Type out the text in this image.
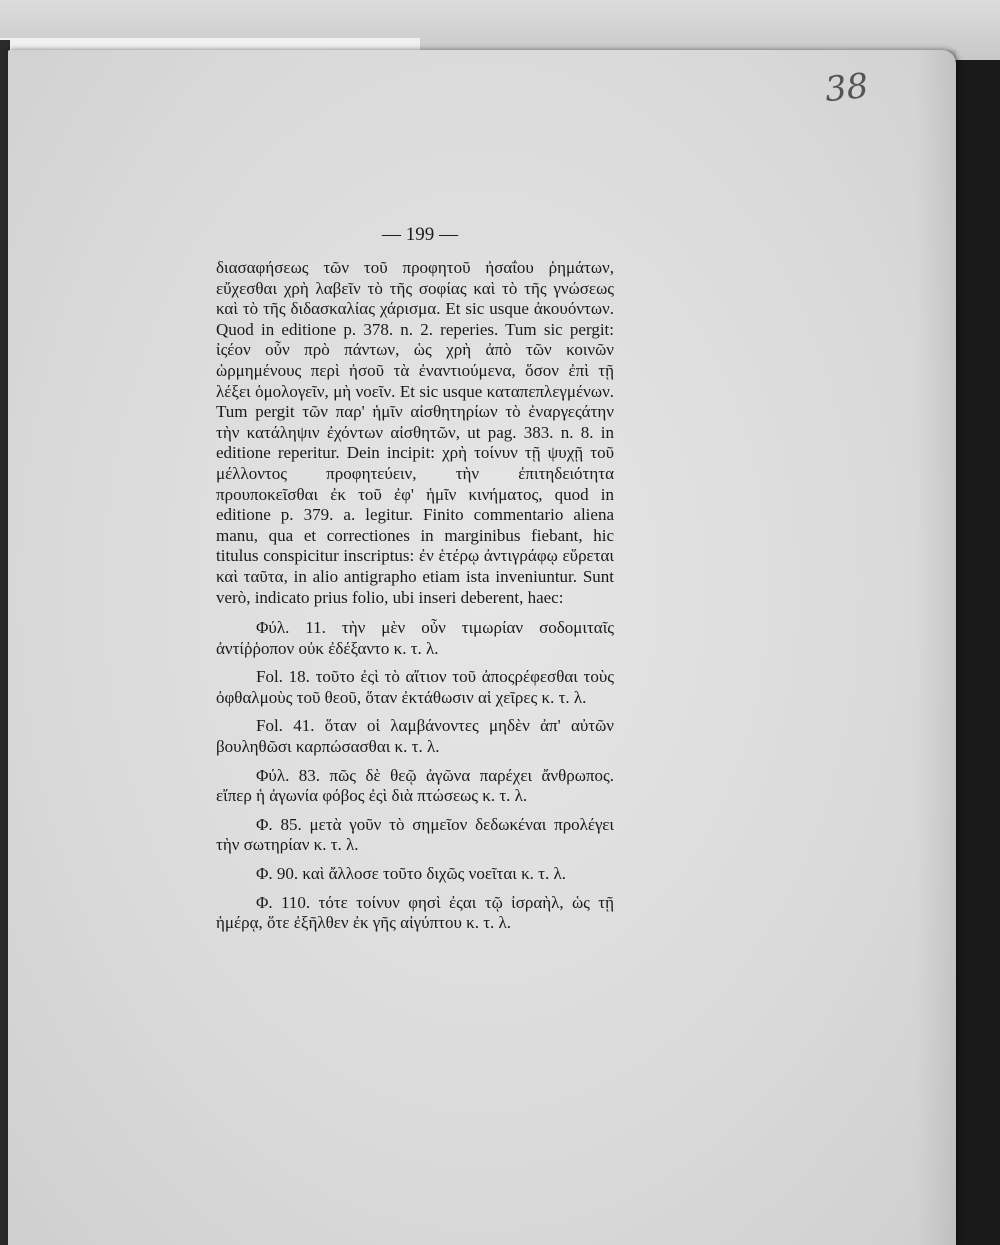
38
— 199 —

διασαφήσεως τῶν τοῦ προφητοῦ ἠσαΐου ῥημάτων, εὔχεσθαι χρὴ λαβεῖν τὸ τῆς σοφίας καὶ τὸ τῆς γνώσεως καὶ τὸ τῆς διδασκαλίας χάρισμα. Et sic usque ἀκουόντων. Quod in editione p. 378. n. 2. reperies. Tum sic pergit: ἰςέον οὖν πρὸ πάντων, ὡς χρὴ ἀπὸ τῶν κοινῶν ὡρμημένους περὶ ἠσοῦ τὰ ἐναντιούμενα, ὅσον ἐπὶ τῇ λέξει ὁμολογεῖν, μὴ νοεῖν. Et sic usque καταπεπλεγμένων. Tum pergit τῶν παρ' ἡμῖν αἰσθητηρίων τὸ ἐναργεςάτην τὴν κατάληψιν ἐχόντων αἰσθητῶν, ut pag. 383. n. 8. in editione reperitur. Dein incipit: χρὴ τοίνυν τῇ ψυχῇ τοῦ μέλλοντος προφητεύειν, τὴν ἐπιτηδειότητα προυποκεῖσθαι ἐκ τοῦ ἐφ' ἡμῖν κινήματος, quod in editione p. 379. a. legitur. Finito commentario aliena manu, qua et correctiones in marginibus fiebant, hic titulus conspicitur inscriptus: ἐν ἑτέρῳ ἀντιγράφῳ εὕρεται καὶ ταῦτα, in alio antigrapho etiam ista inveniuntur. Sunt verò, indicato prius folio, ubi inseri deberent, haec:

Φύλ. 11. τὴν μὲν οὖν τιμωρίαν σοδομιταῖς ἀντίῤῥοπον οὐκ ἐδέξαντο κ. τ. λ.

Fol. 18. τοῦτο ἐςὶ τὸ αἴτιον τοῦ ἀποςρέφεσθαι τοὺς ὀφθαλμοὺς τοῦ θεοῦ, ὅταν ἐκτάθωσιν αἱ χεῖρες κ. τ. λ.

Fol. 41. ὅταν οἱ λαμβάνοντες μηδὲν ἀπ' αὐτῶν βουληθῶσι καρπώσασθαι κ. τ. λ.

Φύλ. 83. πῶς δὲ θεῷ ἀγῶνα παρέχει ἄνθρωπος. εἴπερ ἡ ἀγωνία φόβος ἐςὶ διὰ πτώσεως κ. τ. λ.

Φ. 85. μετὰ γοῦν τὸ σημεῖον δεδωκέναι προλέγει τὴν σωτηρίαν κ. τ. λ.

Φ. 90. καὶ ἄλλοσε τοῦτο διχῶς νοεῖται κ. τ. λ.

Φ. 110. τότε τοίνυν φησὶ ἐςαι τῷ ἰσραὴλ, ὡς τῇ ἡμέρᾳ, ὅτε ἐξῆλθεν ἐκ γῆς αἰγύπτου κ. τ. λ.
